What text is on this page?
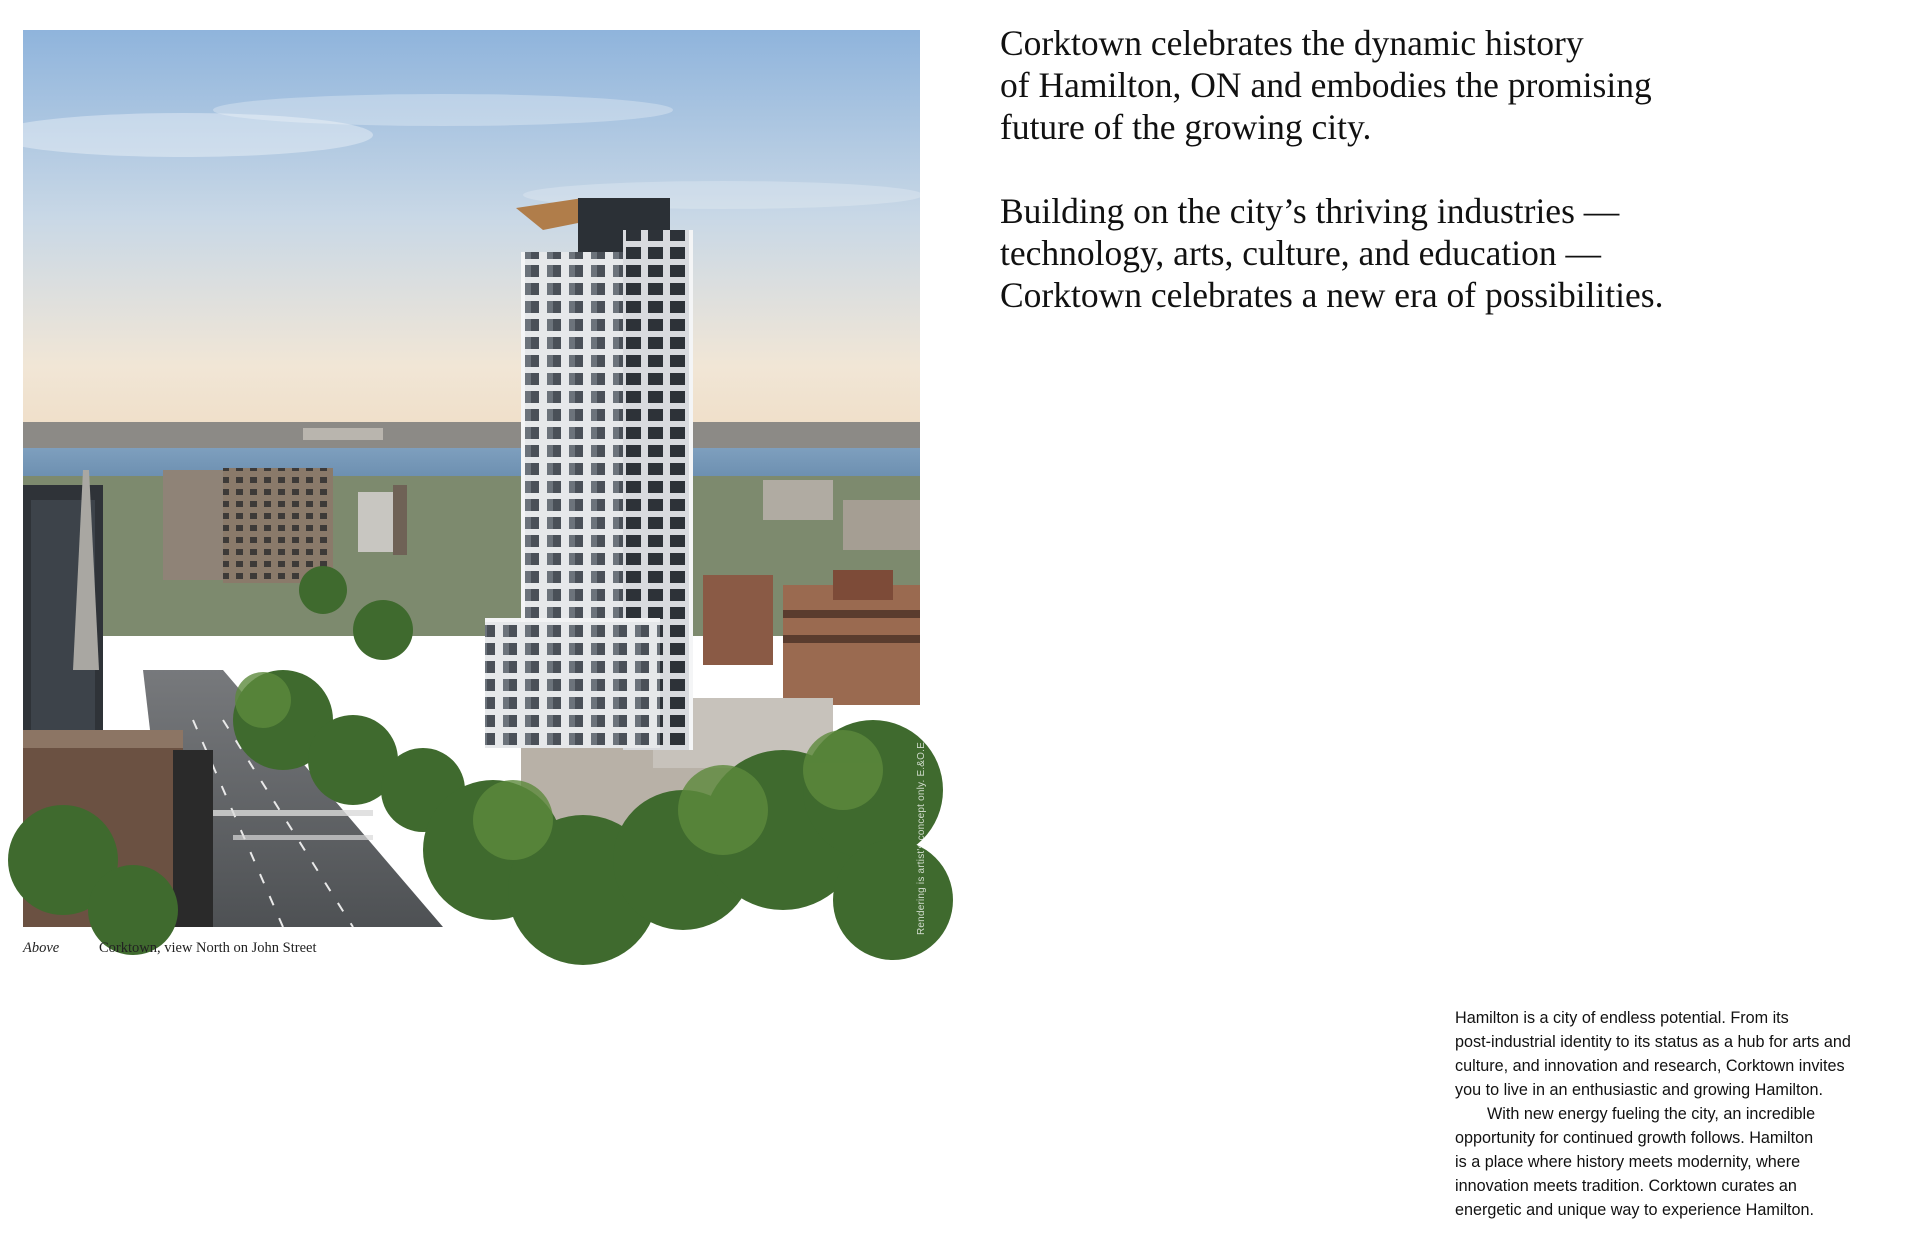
Rendering is artist's concept only. E.&O.E.
Above	Corktown, view North on John Street

Corktown celebrates the dynamic history
of Hamilton, ON and embodies the promising
future of the growing city.

Building on the city’s thriving industries —
technology, arts, culture, and education —
Corktown celebrates a new era of possibilities.

Hamilton is a city of endless potential. From its
post-industrial identity to its status as a hub for arts and
culture, and innovation and research, Corktown invites
you to live in an enthusiastic and growing Hamilton.

With new energy fueling the city, an incredible
opportunity for continued growth follows. Hamilton
is a place where history meets modernity, where
innovation meets tradition. Corktown curates an
energetic and unique way to experience Hamilton.
